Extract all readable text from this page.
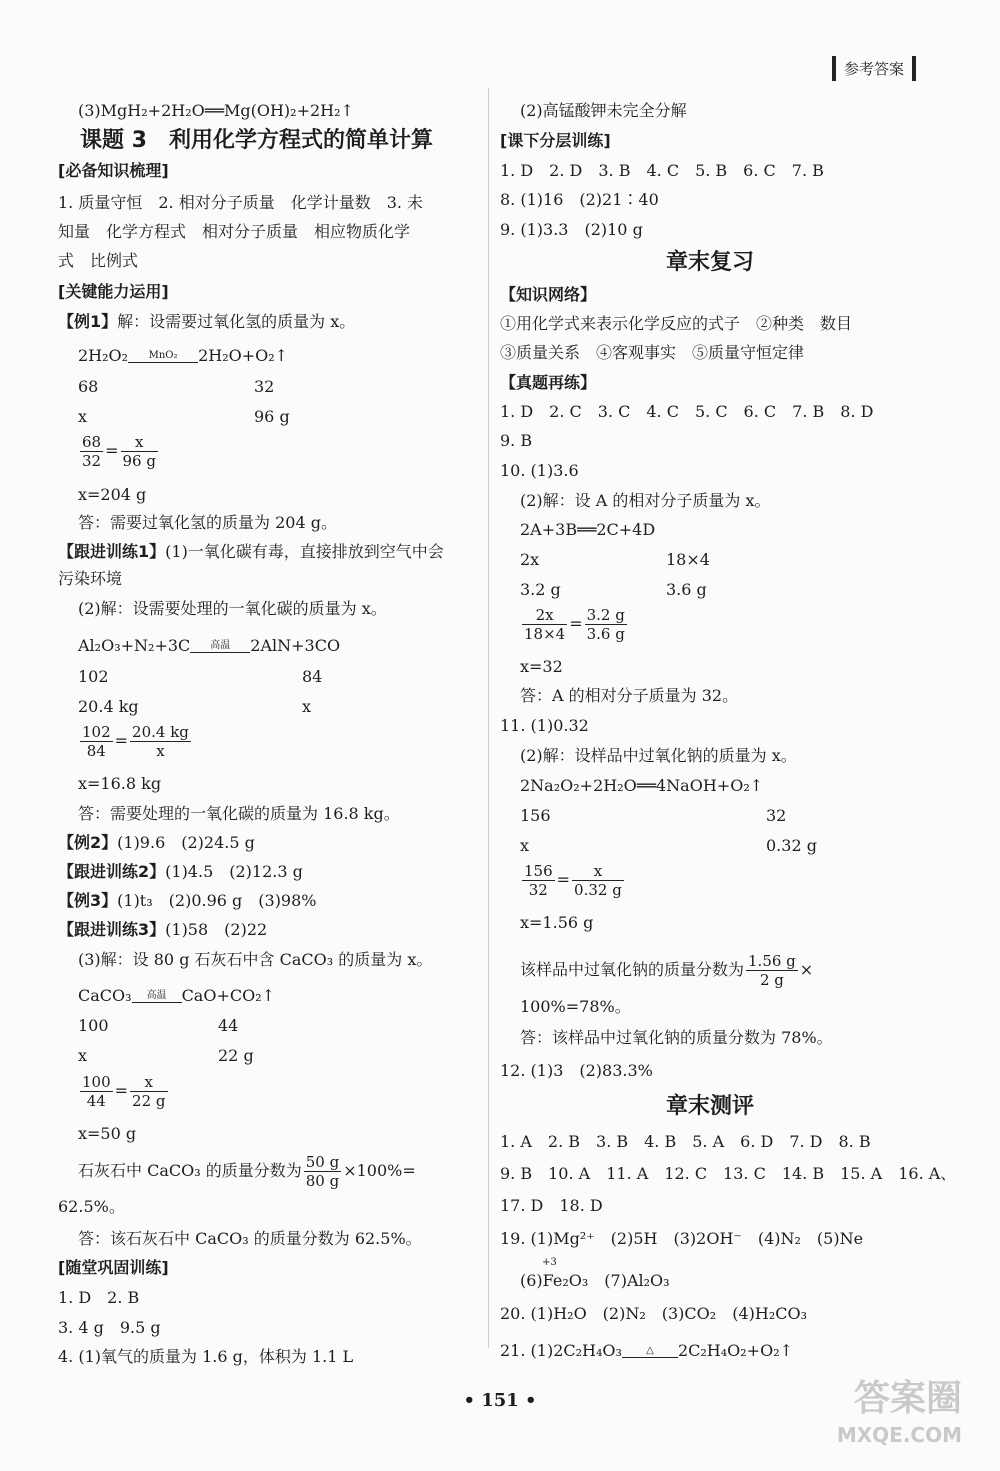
参考答案
(3)MgH₂+2H₂O══Mg(OH)₂+2H₂↑
课题 3　利用化学方程式的简单计算
[必备知识梳理]
1. 质量守恒　2. 相对分子质量　化学计量数　3. 未
知量　化学方程式　相对分子质量　相应物质化学
式　比例式
[关键能力运用]
【例1】解：设需要过氧化氢的质量为 x。
2H₂O₂	MnO₂	2H₂O+O₂↑
68	32
x	96 g
$\frac{68}{32} = \frac{x}{96 g}$
x=204 g
答：需要过氧化氢的质量为 204 g。
【跟进训练1】(1)一氧化碳有毒，直接排放到空气中会
污染环境
(2)解：设需要处理的一氧化碳的质量为 x。
Al₂O₃+N₂+3C	高温	2AlN+3CO
102	84
20.4 kg	x
$\frac{102}{84} = \frac{20.4 kg}{x}$
x=16.8 kg
答：需要处理的一氧化碳的质量为 16.8 kg。
【例2】(1)9.6　(2)24.5 g
【跟进训练2】(1)4.5　(2)12.3 g
【例3】(1)t₃　(2)0.96 g　(3)98%
【跟进训练3】(1)58　(2)22
(3)解：设 80 g 石灰石中含 CaCO₃ 的质量为 x。
CaCO₃	高温 CaO+CO₂↑
100	44
x	22 g
$\frac{100}{44} = \frac{x}{22 g}$
x=50 g
石灰石中 CaCO₃ 的质量分数为 $\frac{50 g}{80 g} \times 100\%=$
62.5%。
答：该石灰石中 CaCO₃ 的质量分数为 62.5%。
[随堂巩固训练]
1. D　2. B
3. 4 g　9.5 g
4. (1)氧气的质量为 1.6 g，体积为 1.1 L
(2)高锰酸钾未完全分解
[课下分层训练]
1. D　2. D　3. B　4. C　5. B　6. C　7. B
8. (1)16　(2)21∶40
9. (1)3.3　(2)10 g
章末复习
【知识网络】
①用化学式来表示化学反应的式子　②种类　数目
③质量关系　④客观事实　⑤质量守恒定律
【真题再练】
1. D　2. C　3. C　4. C　5. C　6. C　7. B　8. D
9. B
10. (1)3.6
(2)解：设 A 的相对分子质量为 x。
2A+3B══2C+4D
2x	18×4
3.2 g	3.6 g
$\frac{2x}{18\times 4} = \frac{3.2 g}{3.6 g}$
x=32
答：A 的相对分子质量为 32。
11. (1)0.32
(2)解：设样品中过氧化钠的质量为 x。
2Na₂O₂+2H₂O══4NaOH+O₂↑
156	32
x	0.32 g
$\frac{156}{32} = \frac{x}{0.32 g}$
x=1.56 g
该样品中过氧化钠的质量分数为 $\frac{1.56 g}{2 g}$ ×
100%=78%。
答：该样品中过氧化钠的质量分数为 78%。
12. (1)3　(2)83.3%
章末测评
1. A　2. B　3. B　4. B　5. A　6. D　7. D　8. B
9. B　10. A　11. A　12. C　13. C　14. B　15. A　16. A、
17. D　18. D
19. (1)Mg²⁺　(2)5H　(3)2OH⁻　(4)N₂　(5)Ne
+3
(6)Fe₂O₃　(7)Al₂O₃
20. (1)H₂O　(2)N₂　(3)CO₂　(4)H₂CO₃
21. (1)2C₂H₄O₃	△	2C₂H₄O₂+O₂↑
• 151 •	答案圈
MXQE.COM
